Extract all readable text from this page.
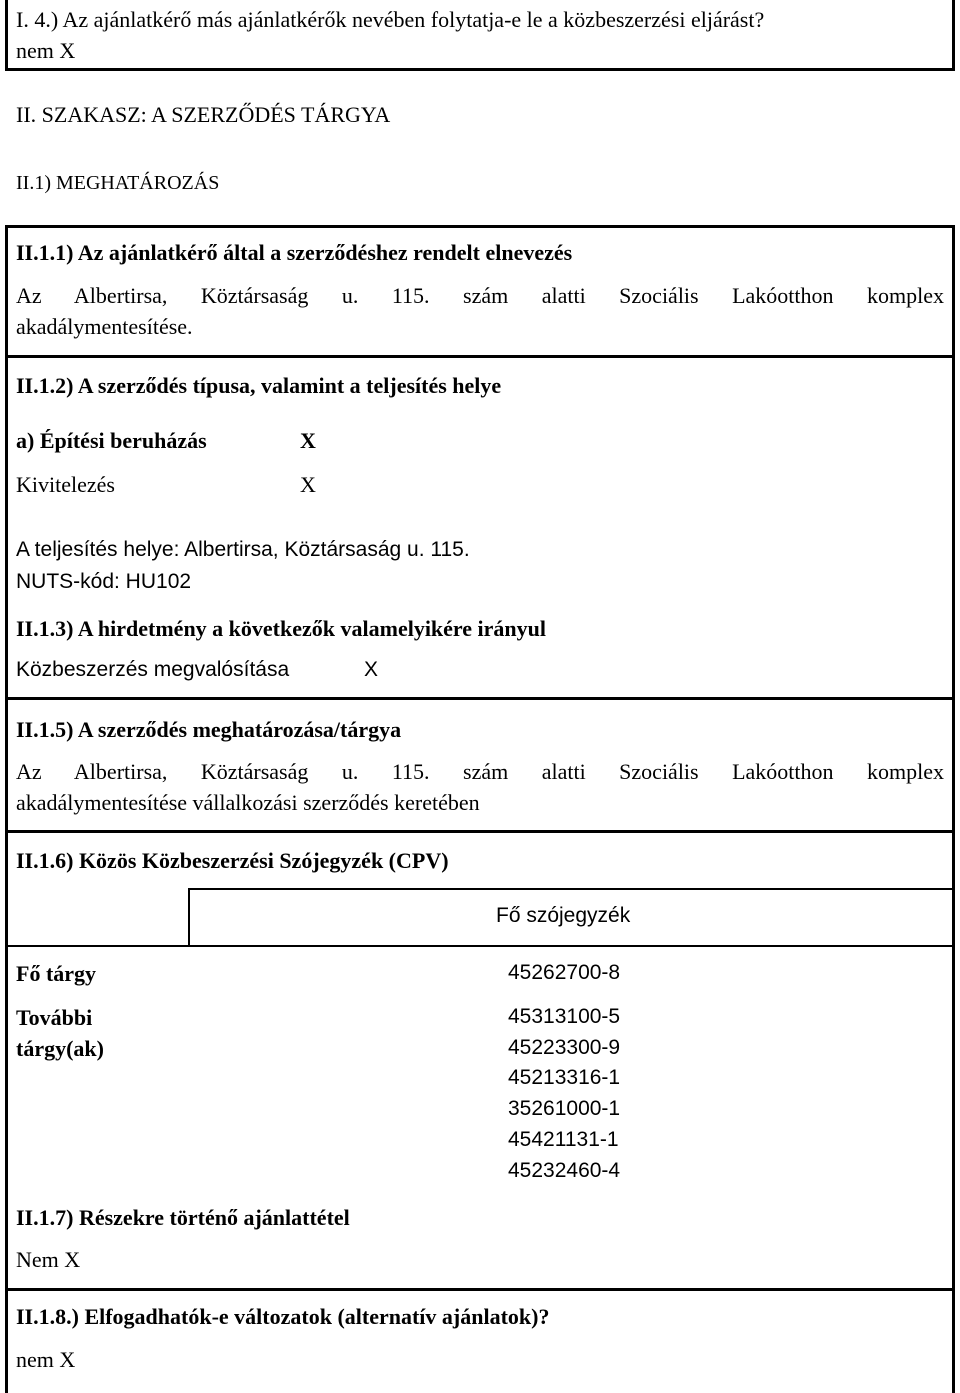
I. 4.) Az ajánlatkérő más ajánlatkérők nevében folytatja-e le a közbeszerzési eljárást?
nem X
II. SZAKASZ: A SZERZŐDÉS TÁRGYA
II.1) MEGHATÁROZÁS
II.1.1) Az ajánlatkérő által a szerződéshez rendelt elnevezés
Az Albertirsa, Köztársaság u. 115. szám alatti Szociális Lakóotthon komplex
akadálymentesítése.
II.1.2) A szerződés típusa, valamint a teljesítés helye
a) Építési beruházás	X
Kivitelezés	X
A teljesítés helye: Albertirsa, Köztársaság u. 115.
NUTS-kód: HU102
II.1.3) A hirdetmény a következők valamelyikére irányul
Közbeszerzés megvalósítása	X
II.1.5) A szerződés meghatározása/tárgya
Az Albertirsa, Köztársaság u. 115. szám alatti Szociális Lakóotthon komplex
akadálymentesítése vállalkozási szerződés keretében
II.1.6) Közös Közbeszerzési Szójegyzék (CPV)
Fő szójegyzék
Fő tárgy	45262700-8
További
tárgy(ak)
45313100-5
45223300-9
45213316-1
35261000-1
45421131-1
45232460-4
II.1.7) Részekre történő ajánlattétel
Nem X
II.1.8.) Elfogadhatók-e változatok (alternatív ajánlatok)?
nem X
